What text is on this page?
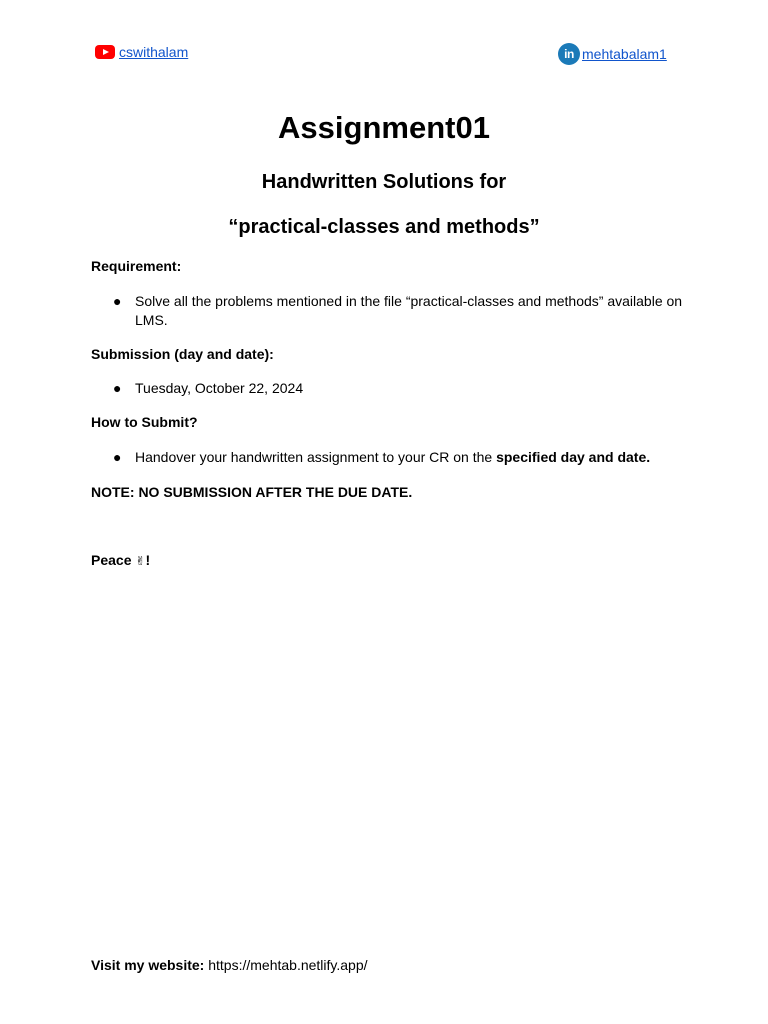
cswithalam	in mehtabalam1
Assignment01
Handwritten Solutions for
“practical-classes and methods”
Requirement:
● Solve all the problems mentioned in the file “practical-classes and methods” available on LMS.
Submission (day and date):
● Tuesday, October 22, 2024
How to Submit?
● Handover your handwritten assignment to your CR on the specified day and date.
NOTE: NO SUBMISSION AFTER THE DUE DATE.
Peace ✌!
Visit my website: https://mehtab.netlify.app/
